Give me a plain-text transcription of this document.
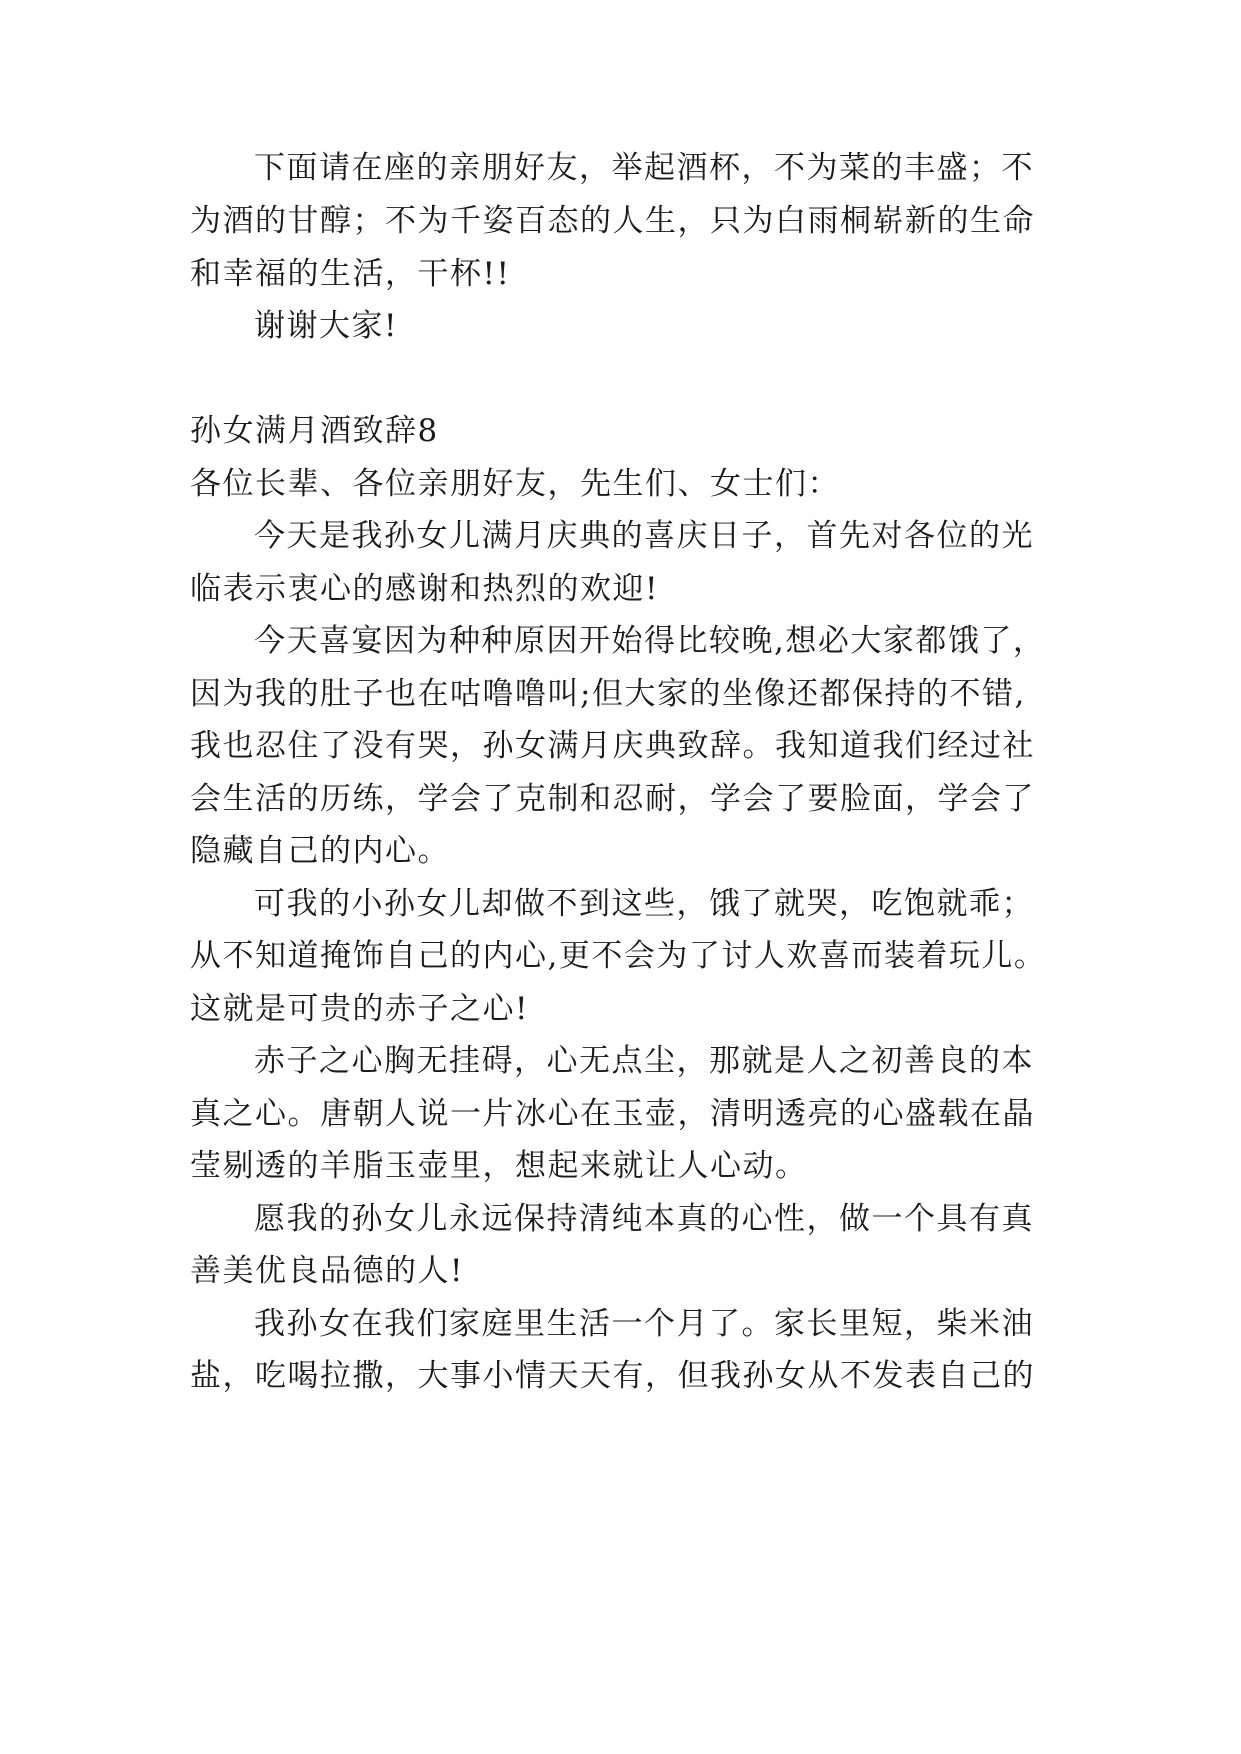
下面请在座的亲朋好友，举起酒杯，不为菜的丰盛；不
为酒的甘醇；不为千姿百态的人生，只为白雨桐崭新的生命
和幸福的生活，干杯!!
谢谢大家!
孙女满月酒致辞8
各位长辈、各位亲朋好友，先生们、女士们：
今天是我孙女儿满月庆典的喜庆日子，首先对各位的光
临表示衷心的感谢和热烈的欢迎!
今天喜宴因为种种原因开始得比较晚,想必大家都饿了，
因为我的肚子也在咕噜噜叫;但大家的坐像还都保持的不错,
我也忍住了没有哭，孙女满月庆典致辞。我知道我们经过社
会生活的历练，学会了克制和忍耐，学会了要脸面，学会了
隐藏自己的内心。
可我的小孙女儿却做不到这些，饿了就哭，吃饱就乖；
从不知道掩饰自己的内心,更不会为了讨人欢喜而装着玩儿。
这就是可贵的赤子之心!
赤子之心胸无挂碍，心无点尘，那就是人之初善良的本
真之心。唐朝人说一片冰心在玉壶，清明透亮的心盛载在晶
莹剔透的羊脂玉壶里，想起来就让人心动。
愿我的孙女儿永远保持清纯本真的心性，做一个具有真
善美优良品德的人!
我孙女在我们家庭里生活一个月了。家长里短，柴米油
盐，吃喝拉撒，大事小情天天有，但我孙女从不发表自己的
